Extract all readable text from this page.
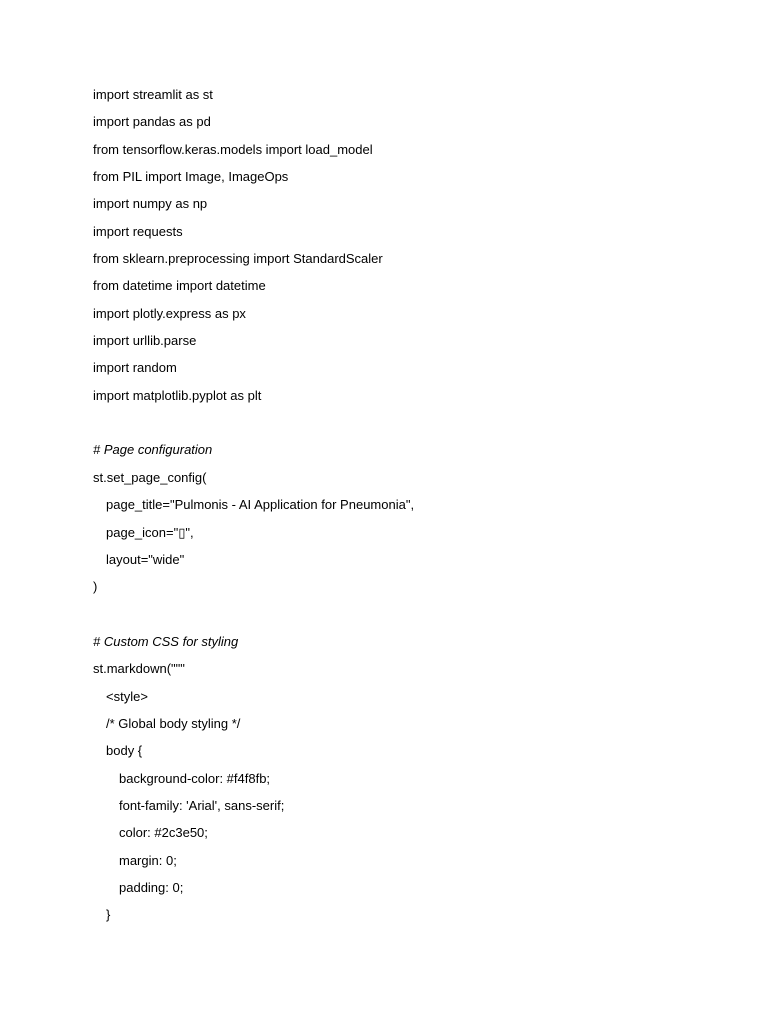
import streamlit as st
import pandas as pd
from tensorflow.keras.models import load_model
from PIL import Image, ImageOps
import numpy as np
import requests
from sklearn.preprocessing import StandardScaler
from datetime import datetime
import plotly.express as px
import urllib.parse
import random
import matplotlib.pyplot as plt
# Page configuration
st.set_page_config(
page_title="Pulmonis - AI Application for Pneumonia",
page_icon="▯",
layout="wide"
)
# Custom CSS for styling
st.markdown("""
<style>
/* Global body styling */
body {
background-color: #f4f8fb;
font-family: 'Arial', sans-serif;
color: #2c3e50;
margin: 0;
padding: 0;
}
